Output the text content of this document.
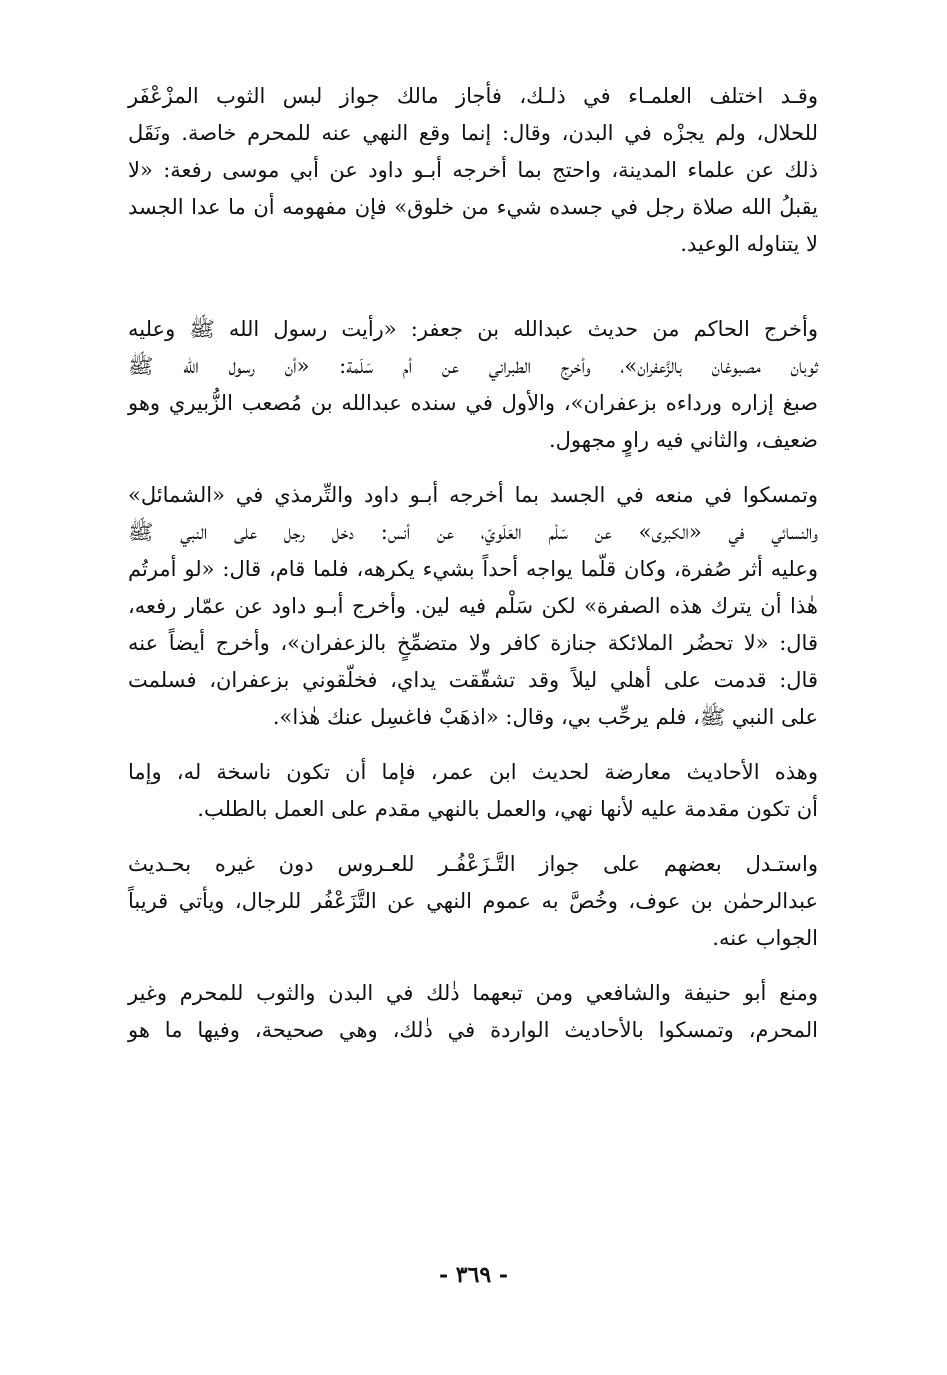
وقـد اختلف العلمـاء في ذلـك، فأجاز مالك جواز لبس الثوب المزْعْفَر
للحلال، ولم يجزْه في البدن، وقال: إنما وقع النهي عنه للمحرم خاصة. ونَقَل
ذلك عن علماء المدينة، واحتج بما أخرجه أبـو داود عن أبي موسى رفعة: «لا
يقبلُ الله صلاة رجل في جسده شيء من خلوق» فإن مفهومه أن ما عدا الجسد
لا يتناوله الوعيد.

وأخرج الحاكم من حديث عبدالله بن جعفر: «رأيت رسول الله ﷺ وعليه
ثوبان مصبوغان بالزَّعفران»، وأخرج الطبراني عن أم سَلَمة: «أن رسول الله ﷺ
صبغ إزاره ورداءه بزعفران»، والأول في سنده عبدالله بن مُصعب الزُّبيري وهو
ضعيف، والثاني فيه راوٍ مجهول.

وتمسكوا في منعه في الجسد بما أخرجه أبـو داود والتِّرمذي في «الشمائل»
والنسائي في «الكبرى» عن سَلْم العَلَويّ، عن أنس: دخل رجل على النبي ﷺ
وعليه أثر صُفرة، وكان قلّما يواجه أحداً بشيء يكرهه، فلما قام، قال: «لو أمرتُم
هٰذا أن يترك هذه الصفرة» لكن سَلْم فيه لين. وأخرج أبـو داود عن عمّار رفعه،
قال: «لا تحضُر الملائكة جنازة كافر ولا متضمِّخٍ بالزعفران»، وأخرج أيضاً عنه
قال: قدمت على أهلي ليلاً وقد تشقّقت يداي، فخلّقوني بزعفران، فسلمت
على النبي ﷺ، فلم يرحِّب بي، وقال: «اذهَبْ فاغسِل عنك هٰذا».

وهذه الأحاديث معارضة لحديث ابن عمر، فإما أن تكون ناسخة له، وإما
أن تكون مقدمة عليه لأنها نهي، والعمل بالنهي مقدم على العمل بالطلب.

واستـدل بعضهم على جواز التَّـزَعْفُـر للعـروس دون غيره بحـديث
عبدالرحمٰن بن عوف، وخُصَّ به عموم النهي عن التَّزَعْفُر للرجال، ويأتي قريباً
الجواب عنه.

ومنع أبو حنيفة والشافعي ومن تبعهما ذٰلك في البدن والثوب للمحرم وغير
المحرم، وتمسكوا بالأحاديث الواردة في ذٰلك، وهي صحيحة، وفيها ما هو

- ٣٦٩ -
